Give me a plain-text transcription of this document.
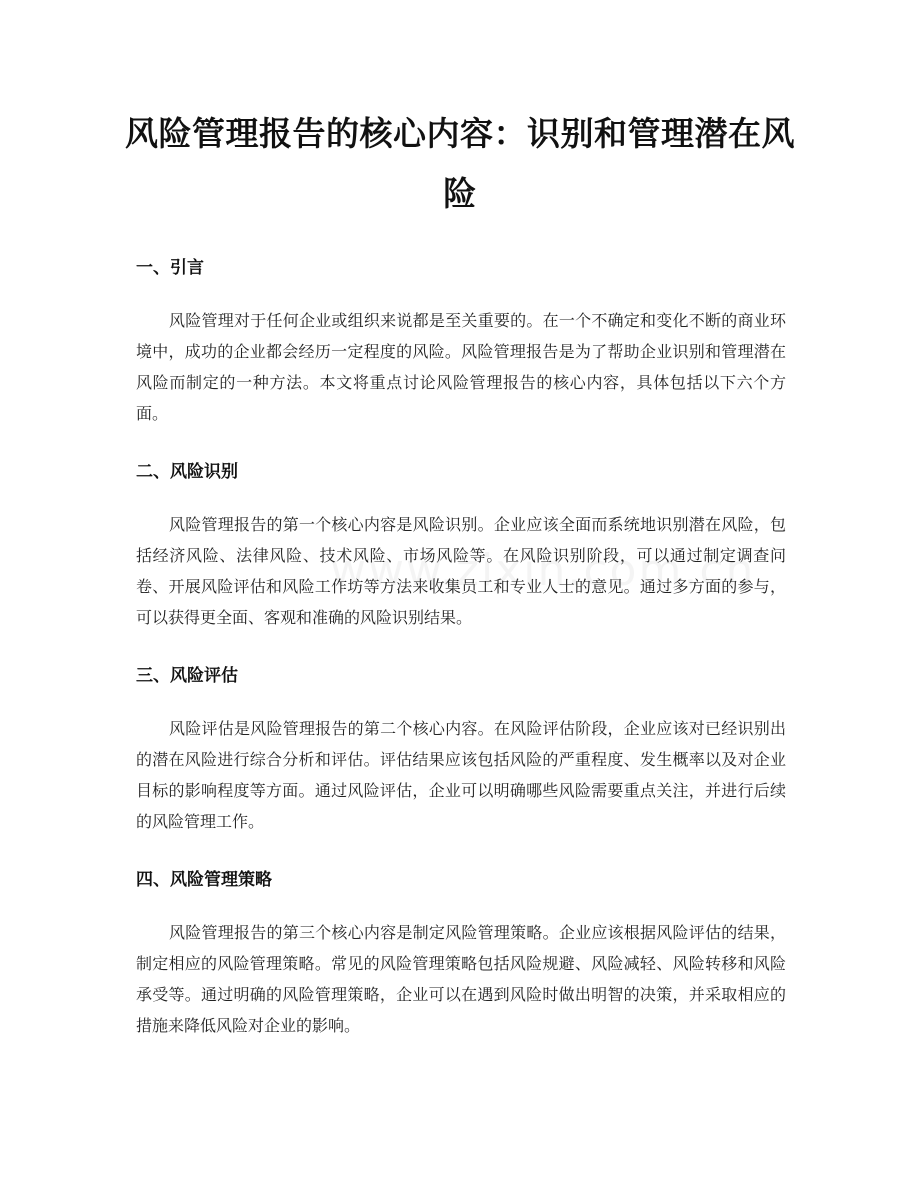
风险管理报告的核心内容：识别和管理潜在风险
一、引言

风险管理对于任何企业或组织来说都是至关重要的。在一个不确定和变化不断的商业环境中，成功的企业都会经历一定程度的风险。风险管理报告是为了帮助企业识别和管理潜在风险而制定的一种方法。本文将重点讨论风险管理报告的核心内容，具体包括以下六个方面。

二、风险识别

风险管理报告的第一个核心内容是风险识别。企业应该全面而系统地识别潜在风险，包括经济风险、法律风险、技术风险、市场风险等。在风险识别阶段，可以通过制定调查问卷、开展风险评估和风险工作坊等方法来收集员工和专业人士的意见。通过多方面的参与，可以获得更全面、客观和准确的风险识别结果。

三、风险评估

风险评估是风险管理报告的第二个核心内容。在风险评估阶段，企业应该对已经识别出的潜在风险进行综合分析和评估。评估结果应该包括风险的严重程度、发生概率以及对企业目标的影响程度等方面。通过风险评估，企业可以明确哪些风险需要重点关注，并进行后续的风险管理工作。

四、风险管理策略

风险管理报告的第三个核心内容是制定风险管理策略。企业应该根据风险评估的结果，制定相应的风险管理策略。常见的风险管理策略包括风险规避、风险减轻、风险转移和风险承受等。通过明确的风险管理策略，企业可以在遇到风险时做出明智的决策，并采取相应的措施来降低风险对企业的影响。
